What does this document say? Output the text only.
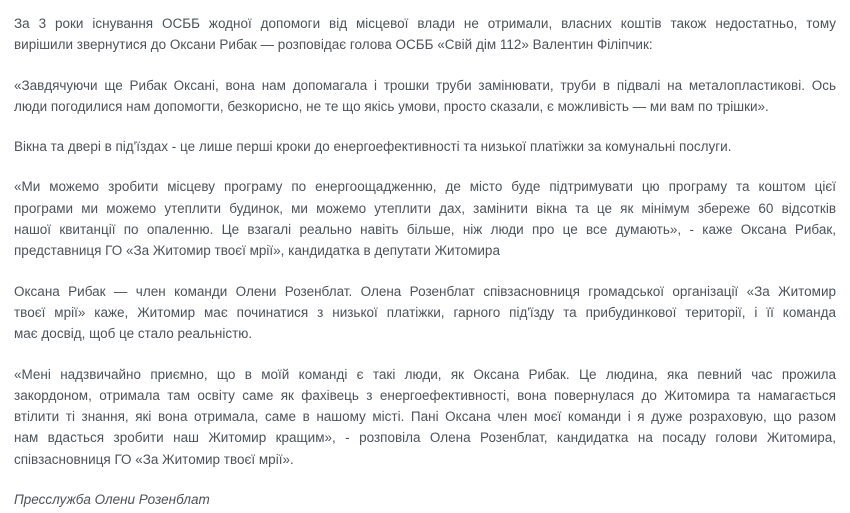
За 3 роки існування ОСББ жодної допомоги від місцевої влади не отримали, власних коштів також недостатньо, тому
вирішили звернутися до Оксани Рибак — розповідає голова ОСББ «Свій дім 112» Валентин Філіпчик:

«Завдячуючи ще Рибак Оксані, вона нам допомагала і трошки труби замінювати, труби в підвалі на металопластикові. Ось
люди погодилися нам допомогти, безкорисно, не те що якісь умови, просто сказали, є можливість — ми вам по трішки».

Вікна та двері в під'їздах - це лише перші кроки до енергоефективності та низької платіжки за комунальні послуги.

«Ми можемо зробити місцеву програму по енергоощадженню, де місто буде підтримувати цю програму та коштом цієї
програми ми можемо утеплити будинок, ми можемо утеплити дах, замінити вікна та це як мінімум збереже 60 відсотків
нашої квитанції по опаленню. Це взагалі реально навіть більше, ніж люди про це все думають», - каже Оксана Рибак,
представниця ГО «За Житомир твоєї мрії», кандидатка в депутати Житомира

Оксана Рибак — член команди Олени Розенблат. Олена Розенблат співзасновниця громадської організації «За Житомир
твоєї мрії» каже, Житомир має починатися з низької платіжки, гарного під'їзду та прибудинкової території, і її команда
має досвід, щоб це стало реальністю.

«Мені надзвичайно приємно, що в моїй команді є такі люди, як Оксана Рибак. Це людина, яка певний час прожила
закордоном, отримала там освіту саме як фахівець з енергоефективності, вона повернулася до Житомира та намагається
втілити ті знання, які вона отримала, саме в нашому місті. Пані Оксана член моєї команди і я дуже розраховую, що разом
нам вдасться зробити наш Житомир кращим», - розповіла Олена Розенблат, кандидатка на посаду голови Житомира,
співзасновниця ГО «За Житомир твоєї мрії».

Пресслужба Олени Розенблат
